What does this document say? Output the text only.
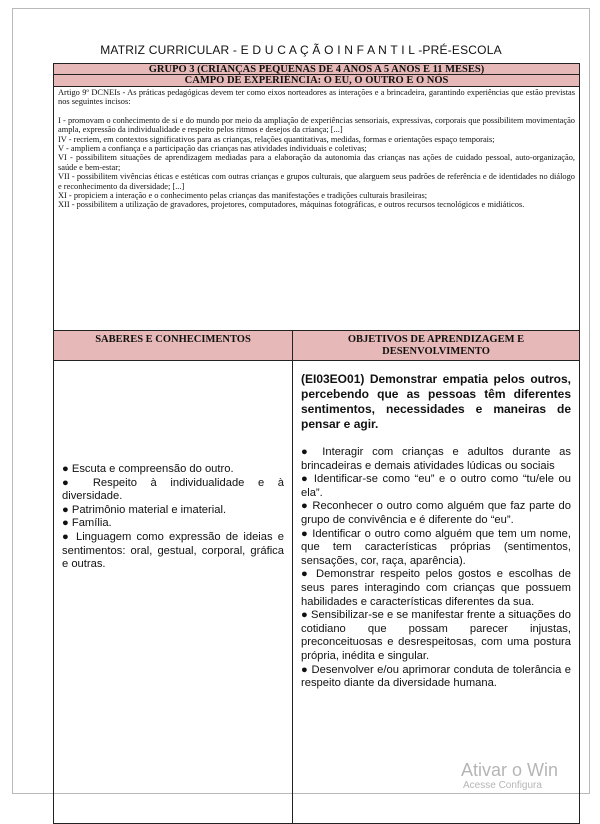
MATRIZ CURRICULAR - E D U C A Ç Ã O I N F A N T I L -PRÉ-ESCOLA
GRUPO 3 (CRIANÇAS PEQUENAS DE 4 ANOS A 5 ANOS E 11 MESES)
CAMPO DE EXPERIÊNCIA: O EU, O OUTRO E O NÓS

Artigo 9º DCNEIs - As práticas pedagógicas devem ter como eixos norteadores as interações e a brincadeira, garantindo experiências que estão previstas nos seguintes incisos:

I - promovam o conhecimento de si e do mundo por meio da ampliação de experiências sensoriais, expressivas, corporais que possibilitem movimentação ampla, expressão da individualidade e respeito pelos ritmos e desejos da criança; [...]

IV - recriem, em contextos significativos para as crianças, relações quantitativas, medidas, formas e orientações espaço temporais;

V - ampliem a confiança e a participação das crianças nas atividades individuais e coletivas;

VI - possibilitem situações de aprendizagem mediadas para a elaboração da autonomia das crianças nas ações de cuidado pessoal, auto-organização, saúde e bem-estar;

VII - possibilitem vivências éticas e estéticas com outras crianças e grupos culturais, que alarguem seus padrões de referência e de identidades no diálogo e reconhecimento da diversidade; [...]

XI - propiciem a interação e o conhecimento pelas crianças das manifestações e tradições culturais brasileiras;

XII - possibilitem a utilização de gravadores, projetores, computadores, máquinas fotográficas, e outros recursos tecnológicos e midiáticos.

SABERES E CONHECIMENTOS	OBJETIVOS DE APRENDIZAGEM E DESENVOLVIMENTO

● Escuta e compreensão do outro.

● Respeito à individualidade e à diversidade.

● Patrimônio material e imaterial.

● Família.

● Linguagem como expressão de ideias e sentimentos: oral, gestual, corporal, gráfica e outras.

(EI03EO01) Demonstrar empatia pelos outros, percebendo que as pessoas têm diferentes sentimentos, necessidades e maneiras de pensar e agir.

● Interagir com crianças e adultos durante as brincadeiras e demais atividades lúdicas ou sociais

● Identificar-se como “eu” e o outro como “tu/ele ou ela”.

● Reconhecer o outro como alguém que faz parte do grupo de convivência e é diferente do “eu”.

● Identificar o outro como alguém que tem um nome, que tem características próprias (sentimentos, sensações, cor, raça, aparência).

● Demonstrar respeito pelos gostos e escolhas de seus pares interagindo com crianças que possuem habilidades e características diferentes da sua.

● Sensibilizar-se e se manifestar frente a situações do cotidiano que possam parecer injustas, preconceituosas e desrespeitosas, com uma postura própria, inédita e singular.

● Desenvolver e/ou aprimorar conduta de tolerância e respeito diante da diversidade humana.

Ativar o Win
Acesse Configura
